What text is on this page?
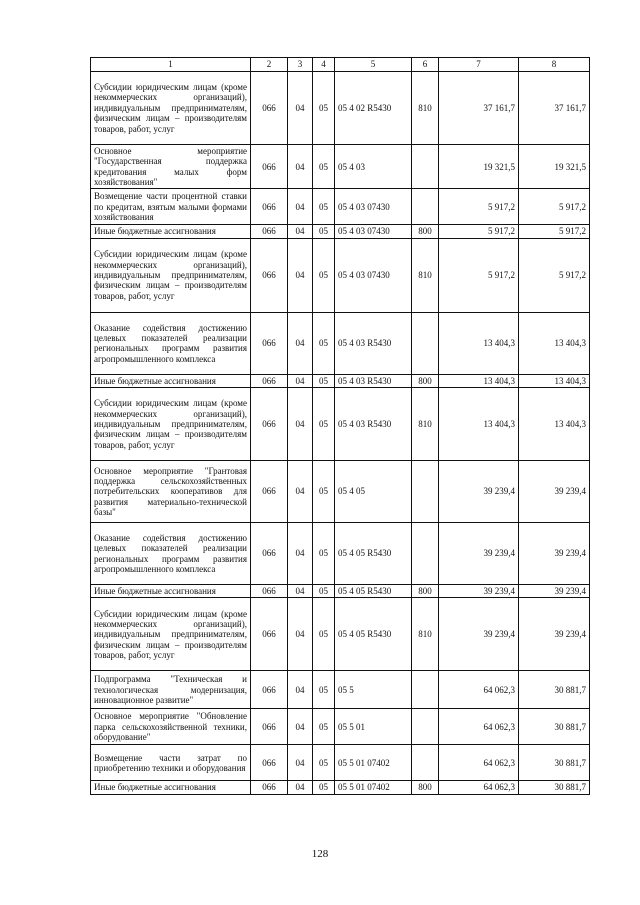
1	2	3	4	5	6	7	8
Субсидии юридическим лицам (кроме некоммерческих организаций), индивидуальным предпринимателям, физическим лицам – производителям товаров, работ, услуг	066	04	05	05 4 02 R5430	810	37 161,7	37 161,7
Основное мероприятие "Государственная поддержка кредитования малых форм хозяйствования"	066	04	05	05 4 03		19 321,5	19 321,5
Возмещение части процентной ставки по кредитам, взятым малыми формами хозяйствования	066	04	05	05 4 03 07430		5 917,2	5 917,2
Иные бюджетные ассигнования	066	04	05	05 4 03 07430	800	5 917,2	5 917,2
Субсидии юридическим лицам (кроме некоммерческих организаций), индивидуальным предпринимателям, физическим лицам – производителям товаров, работ, услуг	066	04	05	05 4 03 07430	810	5 917,2	5 917,2
Оказание содействия достижению целевых показателей реализации региональных программ развития агропромышленного комплекса	066	04	05	05 4 03 R5430		13 404,3	13 404,3
Иные бюджетные ассигнования	066	04	05	05 4 03 R5430	800	13 404,3	13 404,3
Субсидии юридическим лицам (кроме некоммерческих организаций), индивидуальным предпринимателям, физическим лицам – производителям товаров, работ, услуг	066	04	05	05 4 03 R5430	810	13 404,3	13 404,3
Основное мероприятие "Грантовая поддержка сельскохозяйственных потребительских кооперативов для развития материально-технической базы"	066	04	05	05 4 05		39 239,4	39 239,4
Оказание содействия достижению целевых показателей реализации региональных программ развития агропромышленного комплекса	066	04	05	05 4 05 R5430		39 239,4	39 239,4
Иные бюджетные ассигнования	066	04	05	05 4 05 R5430	800	39 239,4	39 239,4
Субсидии юридическим лицам (кроме некоммерческих организаций), индивидуальным предпринимателям, физическим лицам – производителям товаров, работ, услуг	066	04	05	05 4 05 R5430	810	39 239,4	39 239,4
Подпрограмма "Техническая и технологическая модернизация, инновационное развитие"	066	04	05	05 5		64 062,3	30 881,7
Основное мероприятие "Обновление парка сельскохозяйственной техники, оборудование"	066	04	05	05 5 01		64 062,3	30 881,7
Возмещение части затрат по приобретению техники и оборудования	066	04	05	05 5 01 07402		64 062,3	30 881,7
Иные бюджетные ассигнования	066	04	05	05 5 01 07402	800	64 062,3	30 881,7
128
